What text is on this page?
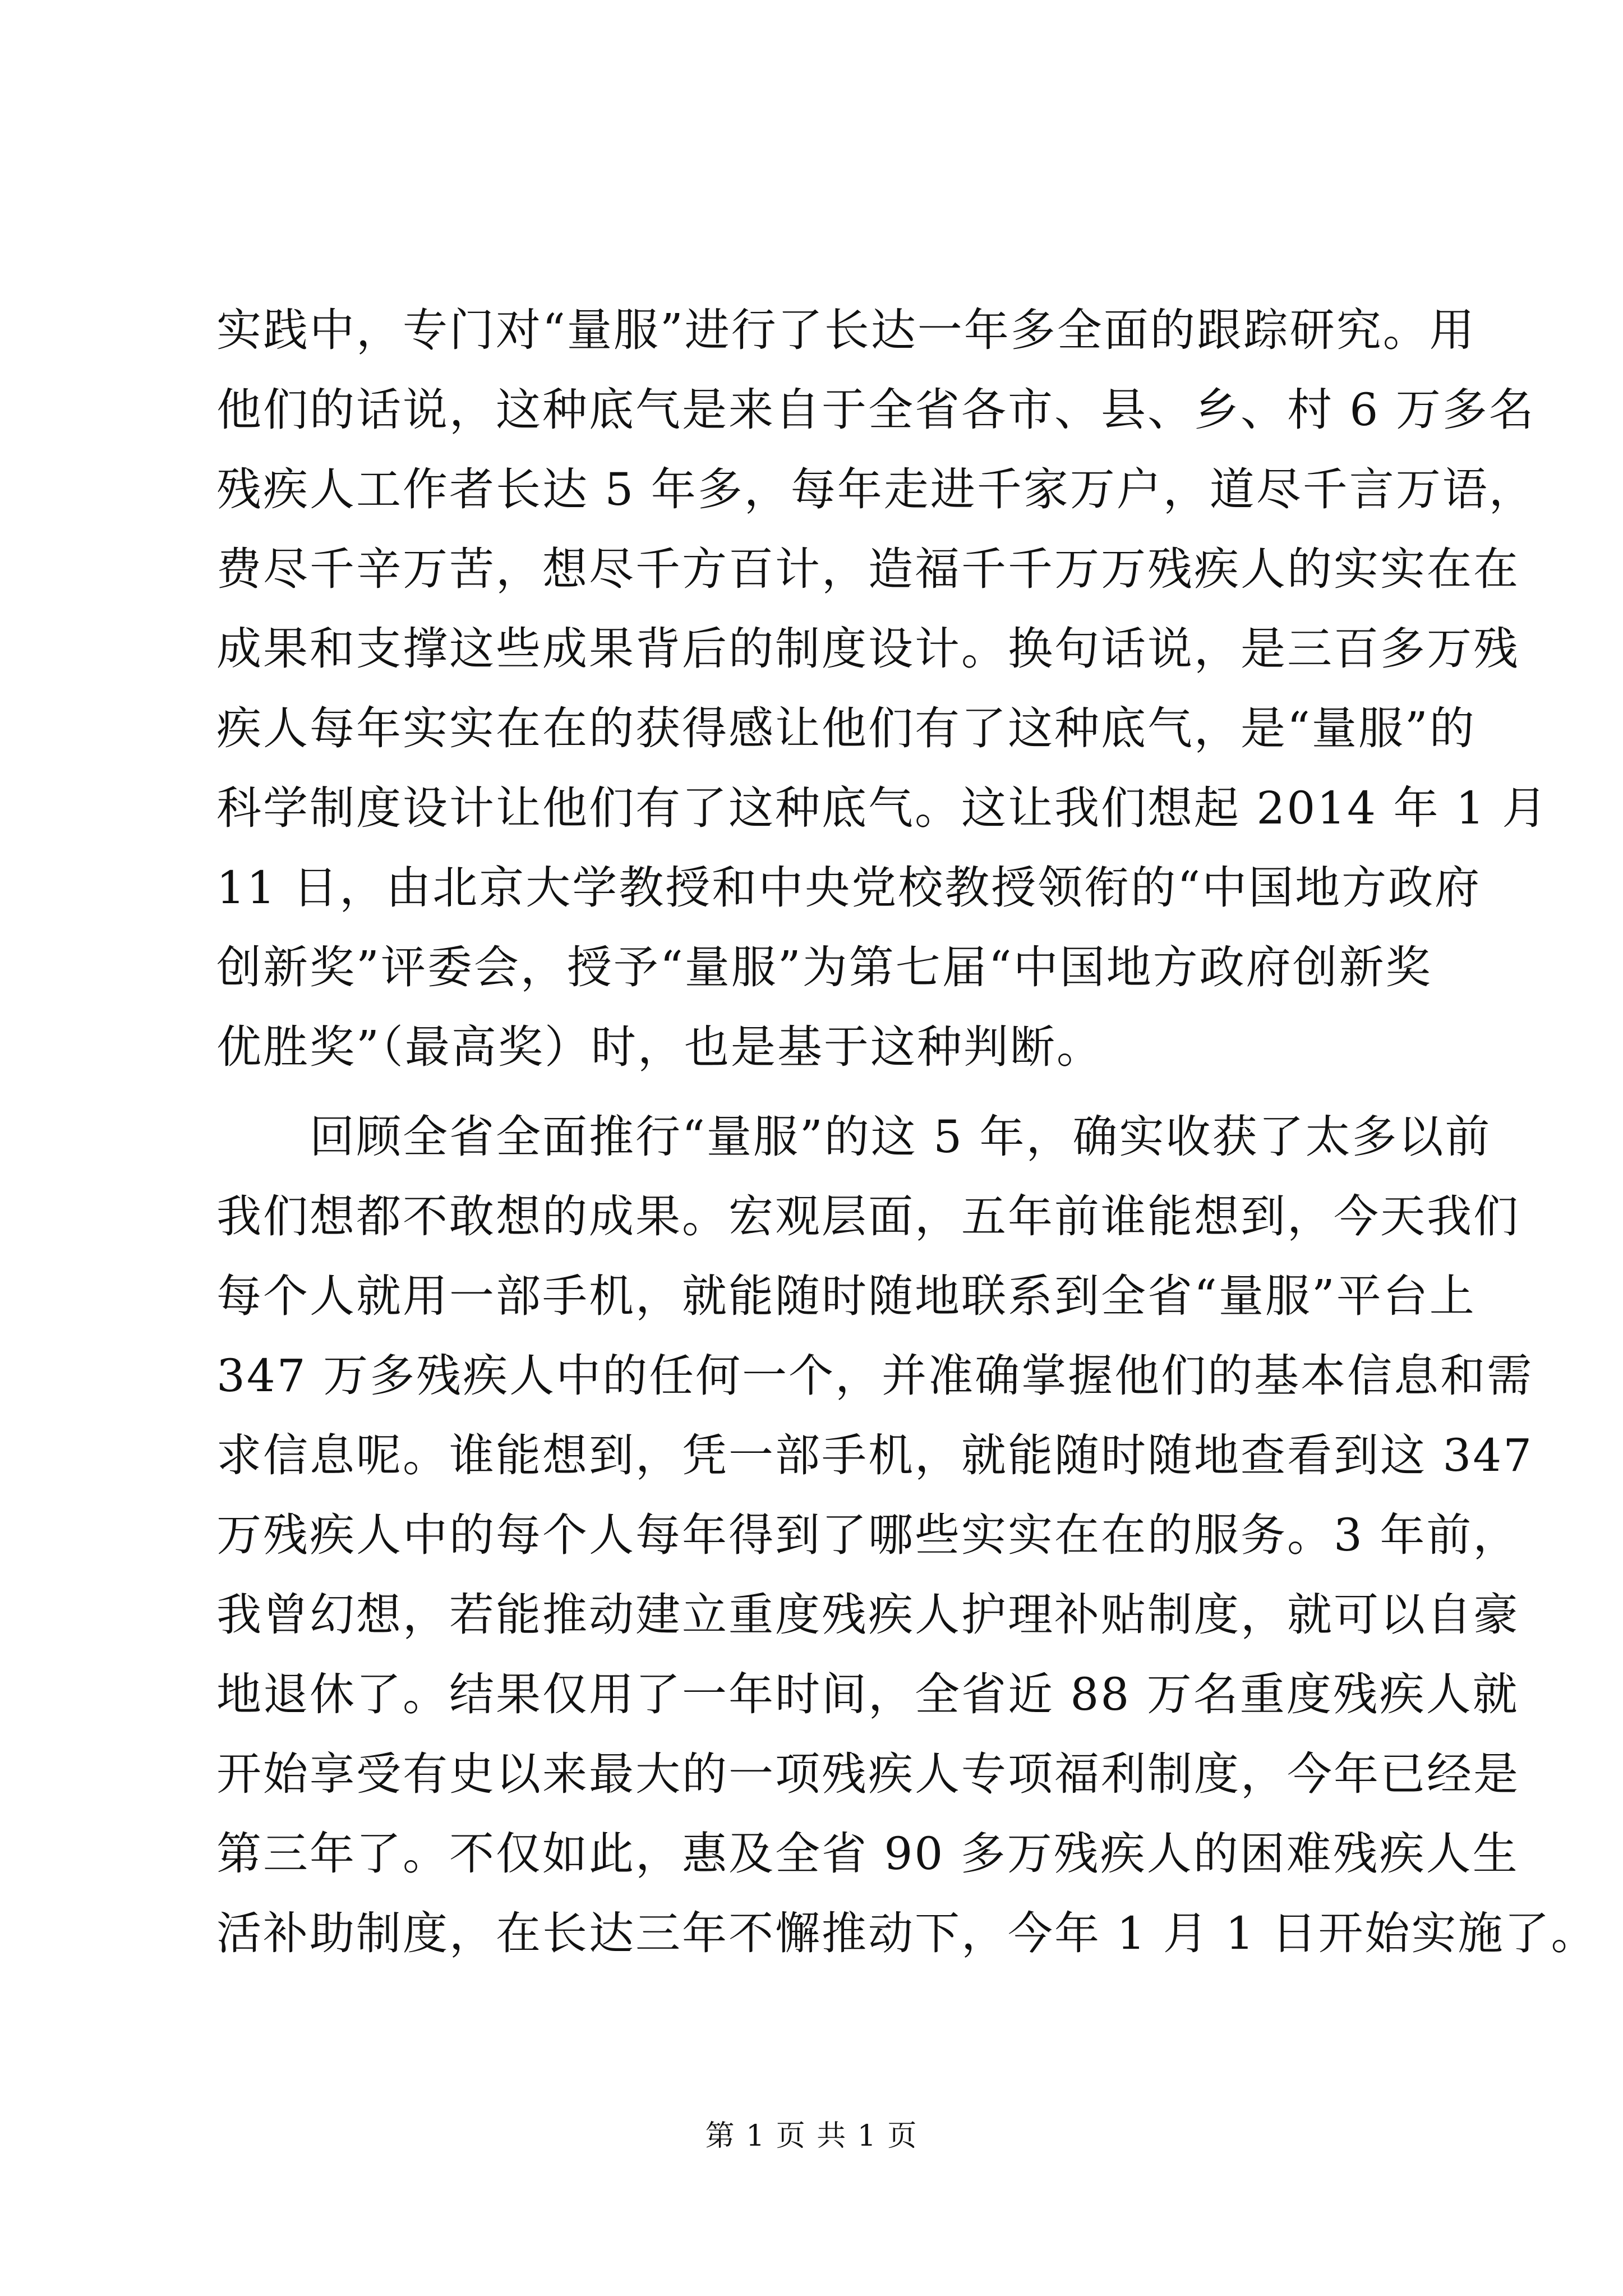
实践中，专门对“量服”进行了长达一年多全面的跟踪研究。用
他们的话说，这种底气是来自于全省各市、县、乡、村 6 万多名
残疾人工作者长达 5 年多，每年走进千家万户，道尽千言万语，
费尽千辛万苦，想尽千方百计，造福千千万万残疾人的实实在在
成果和支撑这些成果背后的制度设计。换句话说，是三百多万残
疾人每年实实在在的获得感让他们有了这种底气，是“量服”的
科学制度设计让他们有了这种底气。这让我们想起 2014 年 1 月
11 日，由北京大学教授和中央党校教授领衔的“中国地方政府
创新奖”评委会，授予“量服”为第七届“中国地方政府创新奖
优胜奖”（最高奖）时，也是基于这种判断。
回顾全省全面推行“量服”的这 5 年，确实收获了太多以前
我们想都不敢想的成果。宏观层面，五年前谁能想到，今天我们
每个人就用一部手机，就能随时随地联系到全省“量服”平台上
347 万多残疾人中的任何一个，并准确掌握他们的基本信息和需
求信息呢。谁能想到，凭一部手机，就能随时随地查看到这 347
万残疾人中的每个人每年得到了哪些实实在在的服务。3 年前，
我曾幻想，若能推动建立重度残疾人护理补贴制度，就可以自豪
地退休了。结果仅用了一年时间，全省近 88 万名重度残疾人就
开始享受有史以来最大的一项残疾人专项福利制度，今年已经是
第三年了。不仅如此，惠及全省 90 多万残疾人的困难残疾人生
活补助制度，在长达三年不懈推动下，今年 1 月 1 日开始实施了。
第 1 页 共 1 页
